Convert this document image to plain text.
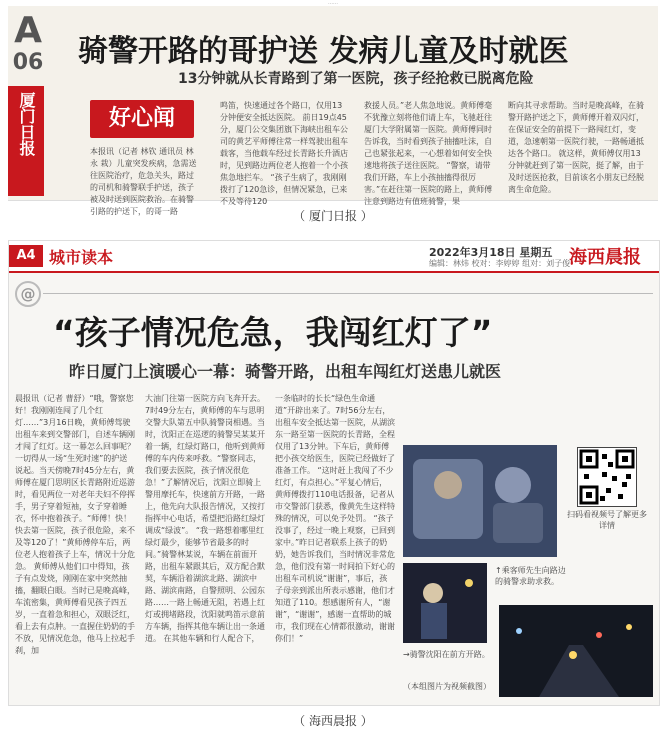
……
A
06
厦门日报
骑警开路的哥护送 发病儿童及时就医
13分钟就从长青路到了第一医院，孩子经抢救已脱离危险
好心闻
本报讯（记者 林钦 通讯员 林 永 栽）儿童突发疾病，急需送往医院治疗，危急关头，路过的司机和骑警联手护送，孩子被及时送到医院救治。在骑警引路的护送下，的哥一路
鸣笛，快速通过各个路口，仅用13分钟便安全抵达医院。 前日19点45分，厦门公交集团旗下海峡出租车公司的黄艺平师傅往常一样驾驶出租车载客，当他载车经过长青路长升酒店时，见到路边两位老人抱着一个小孩焦急地拦车。 “孩子生病了，我刚刚拨打了120急诊，但情况紧急，已来不及等待120
救援人员。”老人焦急地说。黄师傅毫不犹豫立刻将他们请上车，飞驰赶往厦门大学附属第一医院。黄师傅同时告诉我，当时看到孩子抽搐吐沫，自己也紧张起来，一心想着如何安全快速地将孩子送往医院。 “警察，请带我们开路，车上小孩抽搐得很厉害。”在赶往第一医院的路上，黄师傅注意到路边有值班骑警，果
断向其寻求帮助。当时是晚高峰，在骑警开路护送之下，黄师傅开着双闪灯，在保证安全的前提下一路闯红灯，变道，急速朝第一医院行驶，一路畅通抵达各个路口。 就这样，黄师傅仅用13分钟就赶到了第一医院，挺了解，由于及时送医抢救，目前该名小朋友已经脱离生命危险。
（ 厦门日报 ）
A4 城市读本	2022年3月18日 星期五
编辑：林炜 校对：李婷婷 组对：刘子俊
海西晨报
@
“孩子情况危急，我闯红灯了”
昨日厦门上演暖心一幕：骑警开路，出租车闯红灯送患儿就医
晨报讯（记者 曹舒）“哦，警察您好！我刚刚连闯了几个红灯……”3月16日晚，黄师傅驾驶出租车来到交警部门，自述车辆刚才闯了红灯。这一幕怎么回事呢？ 一切得从一场“生死时速”的护送说起。当天傍晚7时45分左右，黄师傅在厦门思明区长青路附近巡游时，看见两位一对老年夫妇不停挥手，男子穿着短袖，女子穿着睡衣，怀中抱着孩子。“师傅！快！快去第一医院，孩子很危险，来不及等120了！”黄师傅停车后，两位老人抱着孩子上车，情况十分危急。 黄师傅从他们口中得知，孩子有点发烧，刚刚在家中突然抽搐，翻眼白眼。当时已是晚高峰，车流密集，黄师傅看见孩子四五岁，一直着急和担心，双眼泛红，看上去有点肿。一直握住奶奶的手不放，见情况危急，他马上拉起手刹，加
大油门往第一医院方向飞奔开去。 7时49分左右，黄师傅的车与思明交警大队第五中队骑警岗相遇。当时，沈阳正在巡逻的骑警吴某某开着一辆，红绿灯路口，他听到黄师傅的车内传来呼救。“警察同志，我们要去医院，孩子情况很危急！”了解情况后，沈阳立即骑上警用摩托车，快速前方开路，一路上，他先向大队报告情况，又按打指挥中心电话，希望把沿路红绿灯调成“绿波”。 “我一路想着哪里红绿灯最少，能够节省最多的时间。”骑警林某说，车辆在前面开路，出租车紧跟其后，双方配合默契，车辆沿着湖滨北路、湖滨中路、湖滨南路，自警照明、公园东路……一路上畅通无阻，若遇上红灯或拥堵路段，沈阳就鸣笛示意前方车辆，指挥其他车辆让出一条通道。 在其他车辆和行人配合下，
一条临时的长长“绿色生命通道”开辟出来了。7时56分左右，出租车安全抵达第一医院，从湖滨东一路至第一医院的长青路，全程仅用了13分钟。下车后，黄师傅把小孩交给医生，医院已经做好了准备工作。 “这时赶上我闯了不少红灯，有点担心。”平复心情后，黄师傅拨打110电话报备，记者从市交警部门获悉，像黄先生这样特殊的情况，可以免予处罚。 “孩子没事了，经过一晚上观察，已回到家中。”昨日记者联系上孩子的奶奶，她告诉我们，当时情况非常危急，他们没有第一时间拍下好心的出租车司机说“谢谢”，事后，孩子母亲到派出所表示感谢，他们才知道了110。想感谢所有人，“谢谢”，“谢谢”，感谢一直帮助的城市，我们现在心情都很激动，谢谢你们！”
扫码看视频号了解更多详情
↑乘客师先生向路边的骑警求助求救。
→骑警沈阳在前方开路。
（本组图片为视频截图）
（ 海西晨报 ）
